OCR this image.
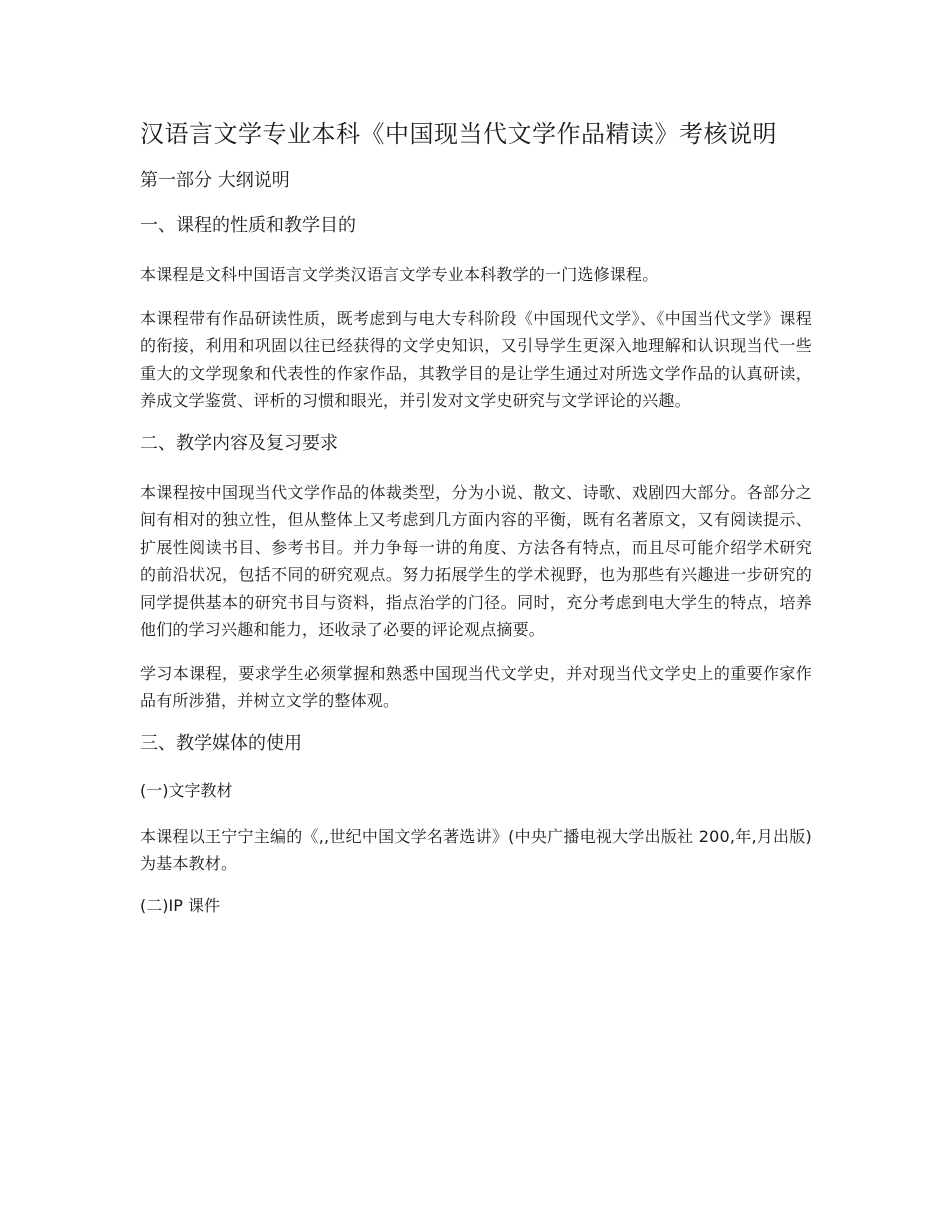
汉语言文学专业本科《中国现当代文学作品精读》考核说明
第一部分 大纲说明
一、课程的性质和教学目的

本课程是文科中国语言文学类汉语言文学专业本科教学的一门选修课程。

本课程带有作品研读性质，既考虑到与电大专科阶段《中国现代文学》、《中国当代文学》课程的衔接，利用和巩固以往已经获得的文学史知识，又引导学生更深入地理解和认识现当代一些重大的文学现象和代表性的作家作品，其教学目的是让学生通过对所选文学作品的认真研读，养成文学鉴赏、评析的习惯和眼光，并引发对文学史研究与文学评论的兴趣。

二、教学内容及复习要求

本课程按中国现当代文学作品的体裁类型，分为小说、散文、诗歌、戏剧四大部分。各部分之间有相对的独立性，但从整体上又考虑到几方面内容的平衡，既有名著原文，又有阅读提示、扩展性阅读书目、参考书目。并力争每一讲的角度、方法各有特点，而且尽可能介绍学术研究的前沿状况，包括不同的研究观点。努力拓展学生的学术视野，也为那些有兴趣进一步研究的同学提供基本的研究书目与资料，指点治学的门径。同时，充分考虑到电大学生的特点，培养他们的学习兴趣和能力，还收录了必要的评论观点摘要。

学习本课程，要求学生必须掌握和熟悉中国现当代文学史，并对现当代文学史上的重要作家作品有所涉猎，并树立文学的整体观。

三、教学媒体的使用
(一)文字教材

本课程以王宁宁主编的《,,世纪中国文学名著选讲》(中央广播电视大学出版社 200,年,月出版)为基本教材。

(二)IP 课件
